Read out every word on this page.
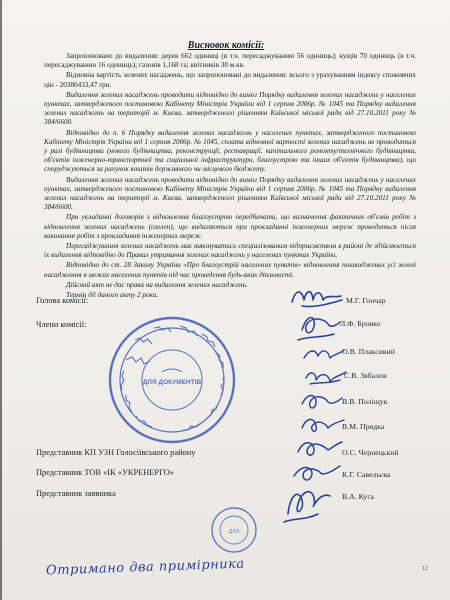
Висновок комісії:

Запропоновано до видалення: дерев 662 одиниці (в т.ч. пересаджуванню 56 одиниць); кущів 70 одиниць (в т.ч. пересаджуванню 16 одиниць); газонів 1,168 га; квітників 30 м.кв.

Відновна вартість зелених насаджень, що запропоновані до видалення: всього з урахуванням індексу споживчих цін - 20380433,47 грн.

Видалення зелених насаджень проводити відповідно до вимог Порядку видалення зелених насаджень у населених пунктах, затвердженого постановою Кабінету Міністрів України від 1 серпня 2006р. № 1045 та Порядку видалення зелених насаджень на території м. Києва, затвердженого рішенням Київської міської ради від 27.10.2011 року № 384/6600.

Відповідно до п. 6 Порядку видалення зелених насаджень у населених пунктах, затвердженого постановою Кабінету Міністрів України від 1 серпня 2006р. № 1045, сплата відновної вартості зелених насаджень не проводиться у разі будівництва (нового будівництва, реконструкції, реставрації, капітального ремонту/технічного будівництва, об'єктів інженерно-транспортної та соціальної інфраструктури, благоустрою та інших об'єктів будівництва), що споруджуються за рахунок коштів державного чи місцевого бюджету.

Видалення зелених насаджень проводити відповідно до вимог Порядку видалення зелених насаджень у населених пунктах, затвердженого постановою Кабінету Міністрів України від 1 серпня 2006р. № 1045 та Порядку видалення зелених насаджень на території м. Києва, затвердженого рішенням Київської міської ради від 27.10.2011 року № 384/6600.

При укладанні договорів з відновлення благоустрою передбачати, що визначення фактичних об'ємів робіт з відновлення зелених насаджень (озелен), що видаляються при прокладанні інженерних мереж проводиться після виконання робіт з прокладання інженерних мереж.

Пересаджування зелених насаджень має виконуватись спеціалізованим підприємством в районі де здійснюється їх видалення відповідно до Правил утримання зелених насаджень у населених пунктах України.

Відповідно до ст. 28 Закону України «Про благоустрій населених пунктів» відновлення пошкоджених усі зелені насадження в межах населених пунктів під час проведення будь-яких діяльності.

Дійсний акт не дає права на видалення зелених насаджень.

Термін дії даного акту 2 роки.

Голова комісії:
Члени комісії:
М.Г. Гончар
Л.Ф. Бровко
О.В. Плаксивий
С.В. Зябалов
В.В. Поліщук
В.М. Прядка
Представник КП УЗН Голосіївського району	О.С. Чернецький
Представник ТОВ «ІК «УКРЕНЕРГО»	К.Г. Савельєва
Представник заявника	В.А. Куга
ДЛЯ ДОКУМЕНТІВ
ДЛЯ
Отримано два примірника	12
